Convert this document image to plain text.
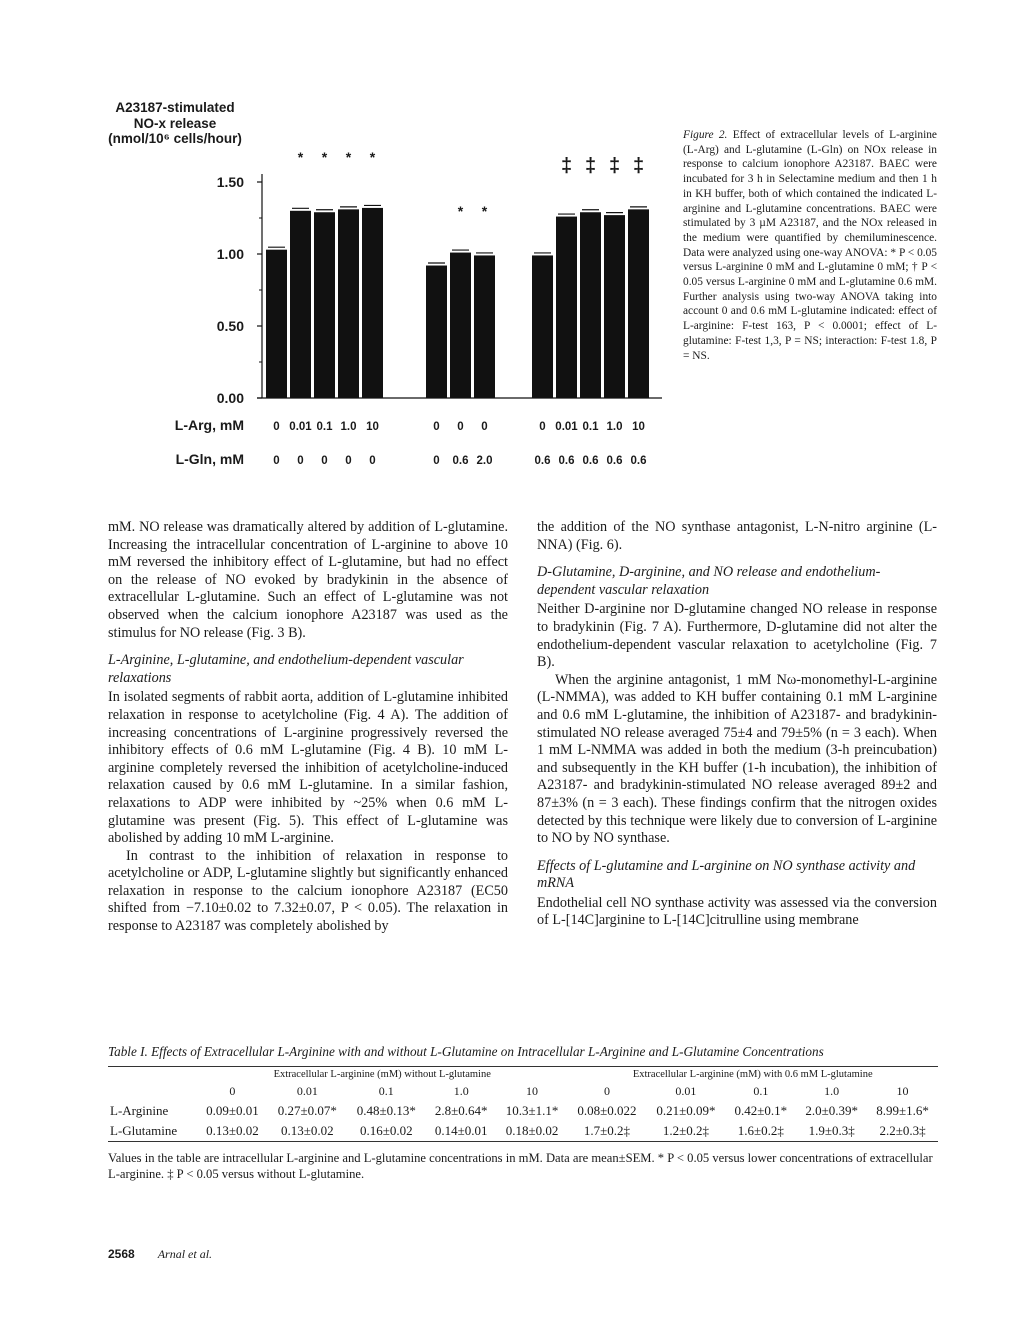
A23187-stimulated
NO-x release
(nmol/10⁶ cells/hour)
1.50
1.00
0.50
0.00
* * * *
* *
‡ ‡ ‡ ‡
0
0
0.01
0
0.1
0
1.0
0
10
0
0
0
0
0.6
0
2.0
0
0.6
0.01
0.6
0.1
0.6
1.0
0.6
10
0.6
L-Arg, mM
L-Gln, mM
Figure 2. Effect of extracellular levels of L-arginine (L-Arg) and L-glutamine (L-Gln) on NOx release in response to calcium ionophore A23187. BAEC were incubated for 3 h in Selectamine medium and then 1 h in KH buffer, both of which contained the indicated L-arginine and L-glutamine concentrations. BAEC were stimulated by 3 µM A23187, and the NOx released in the medium were quantified by chemiluminescence. Data were analyzed using one-way ANOVA: * P < 0.05 versus L-arginine 0 mM and L-glutamine 0 mM; † P < 0.05 versus L-arginine 0 mM and L-glutamine 0.6 mM. Further analysis using two-way ANOVA taking into account 0 and 0.6 mM L-glutamine indicated: effect of L-arginine: F-test 163, P < 0.0001; effect of L-glutamine: F-test 1,3, P = NS; interaction: F-test 1.8, P = NS.

mM. NO release was dramatically altered by addition of L-glutamine. Increasing the intracellular concentration of L-arginine to above 10 mM reversed the inhibitory effect of L-glutamine, but had no effect on the release of NO evoked by bradykinin in the absence of extracellular L-glutamine. Such an effect of L-glutamine was not observed when the calcium ionophore A23187 was used as the stimulus for NO release (Fig. 3 B).

L-Arginine, L-glutamine, and endothelium-dependent vascular relaxations

In isolated segments of rabbit aorta, addition of L-glutamine inhibited relaxation in response to acetylcholine (Fig. 4 A). The addition of increasing concentrations of L-arginine progressively reversed the inhibitory effects of 0.6 mM L-glutamine (Fig. 4 B). 10 mM L-arginine completely reversed the inhibition of acetylcholine-induced relaxation caused by 0.6 mM L-glutamine. In a similar fashion, relaxations to ADP were inhibited by ~25% when 0.6 mM L-glutamine was present (Fig. 5). This effect of L-glutamine was abolished by adding 10 mM L-arginine.

In contrast to the inhibition of relaxation in response to acetylcholine or ADP, L-glutamine slightly but significantly enhanced relaxation in response to the calcium ionophore A23187 (EC50 shifted from −7.10±0.02 to 7.32±0.07, P < 0.05). The relaxation in response to A23187 was completely abolished by

the addition of the NO synthase antagonist, L-N-nitro arginine (L-NNA) (Fig. 6).

D-Glutamine, D-arginine, and NO release and endothelium-dependent vascular relaxation

Neither D-arginine nor D-glutamine changed NO release in response to bradykinin (Fig. 7 A). Furthermore, D-glutamine did not alter the endothelium-dependent vascular relaxation to acetylcholine (Fig. 7 B).

When the arginine antagonist, 1 mM Nω-monomethyl-L-arginine (L-NMMA), was added to KH buffer containing 0.1 mM L-arginine and 0.6 mM L-glutamine, the inhibition of A23187- and bradykinin-stimulated NO release averaged 75±4 and 79±5% (n = 3 each). When 1 mM L-NMMA was added in both the medium (3-h preincubation) and subsequently in the KH buffer (1-h incubation), the inhibition of A23187- and bradykinin-stimulated NO release averaged 89±2 and 87±3% (n = 3 each). These findings confirm that the nitrogen oxides detected by this technique were likely due to conversion of L-arginine to NO by NO synthase.

Effects of L-glutamine and L-arginine on NO synthase activity and mRNA

Endothelial cell NO synthase activity was assessed via the conversion of L-[14C]arginine to L-[14C]citrulline using membrane

Table I. Effects of Extracellular L-Arginine with and without L-Glutamine on Intracellular L-Arginine and L-Glutamine Concentrations
	Extracellular L-arginine (mM) without L-glutamine					Extracellular L-arginine (mM) with 0.6 mM L-glutamine				
	0	0.01	0.1	1.0	10	0	0.01	0.1	1.0	10
L-Arginine	0.09±0.01	0.27±0.07*	0.48±0.13*	2.8±0.64*	10.3±1.1*	0.08±0.022	0.21±0.09*	0.42±0.1*	2.0±0.39*	8.99±1.6*
L-Glutamine	0.13±0.02	0.13±0.02	0.16±0.02	0.14±0.01	0.18±0.02	1.7±0.2‡	1.2±0.2‡	1.6±0.2‡	1.9±0.3‡	2.2±0.3‡
Values in the table are intracellular L-arginine and L-glutamine concentrations in mM. Data are mean±SEM. * P < 0.05 versus lower concentrations of extracellular L-arginine. ‡ P < 0.05 versus without L-glutamine.
2568 Arnal et al.
